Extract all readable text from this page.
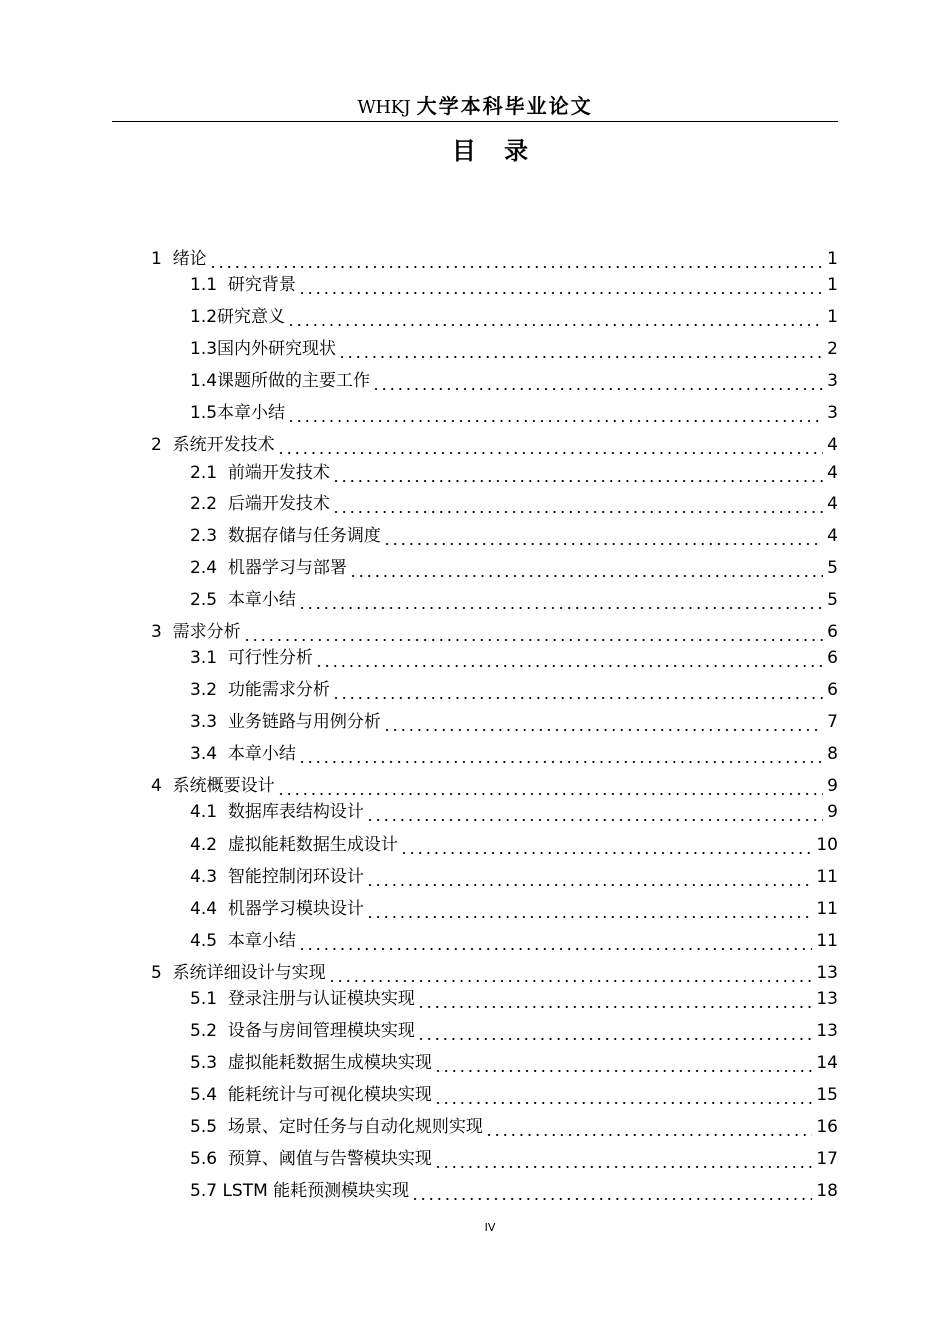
WHKJ 大学本科毕业论文
目 录
1 绪论	1
1.1 研究背景	1
1.2 研究意义	1
1.3 国内外研究现状	2
1.4 课题所做的主要工作	3
1.5 本章小结	3
2 系统开发技术	4
2.1 前端开发技术	4
2.2 后端开发技术	4
2.3 数据存储与任务调度	4
2.4 机器学习与部署	5
2.5 本章小结	5
3 需求分析	6
3.1 可行性分析	6
3.2 功能需求分析	6
3.3 业务链路与用例分析	7
3.4 本章小结	8
4 系统概要设计	9
4.1 数据库表结构设计	9
4.2 虚拟能耗数据生成设计	10
4.3 智能控制闭环设计	11
4.4 机器学习模块设计	11
4.5 本章小结	11
5 系统详细设计与实现	13
5.1 登录注册与认证模块实现	13
5.2 设备与房间管理模块实现	13
5.3 虚拟能耗数据生成模块实现	14
5.4 能耗统计与可视化模块实现	15
5.5 场景、定时任务与自动化规则实现	16
5.6 预算、阈值与告警模块实现	17
5.7 LSTM 能耗预测模块实现	18
IV
